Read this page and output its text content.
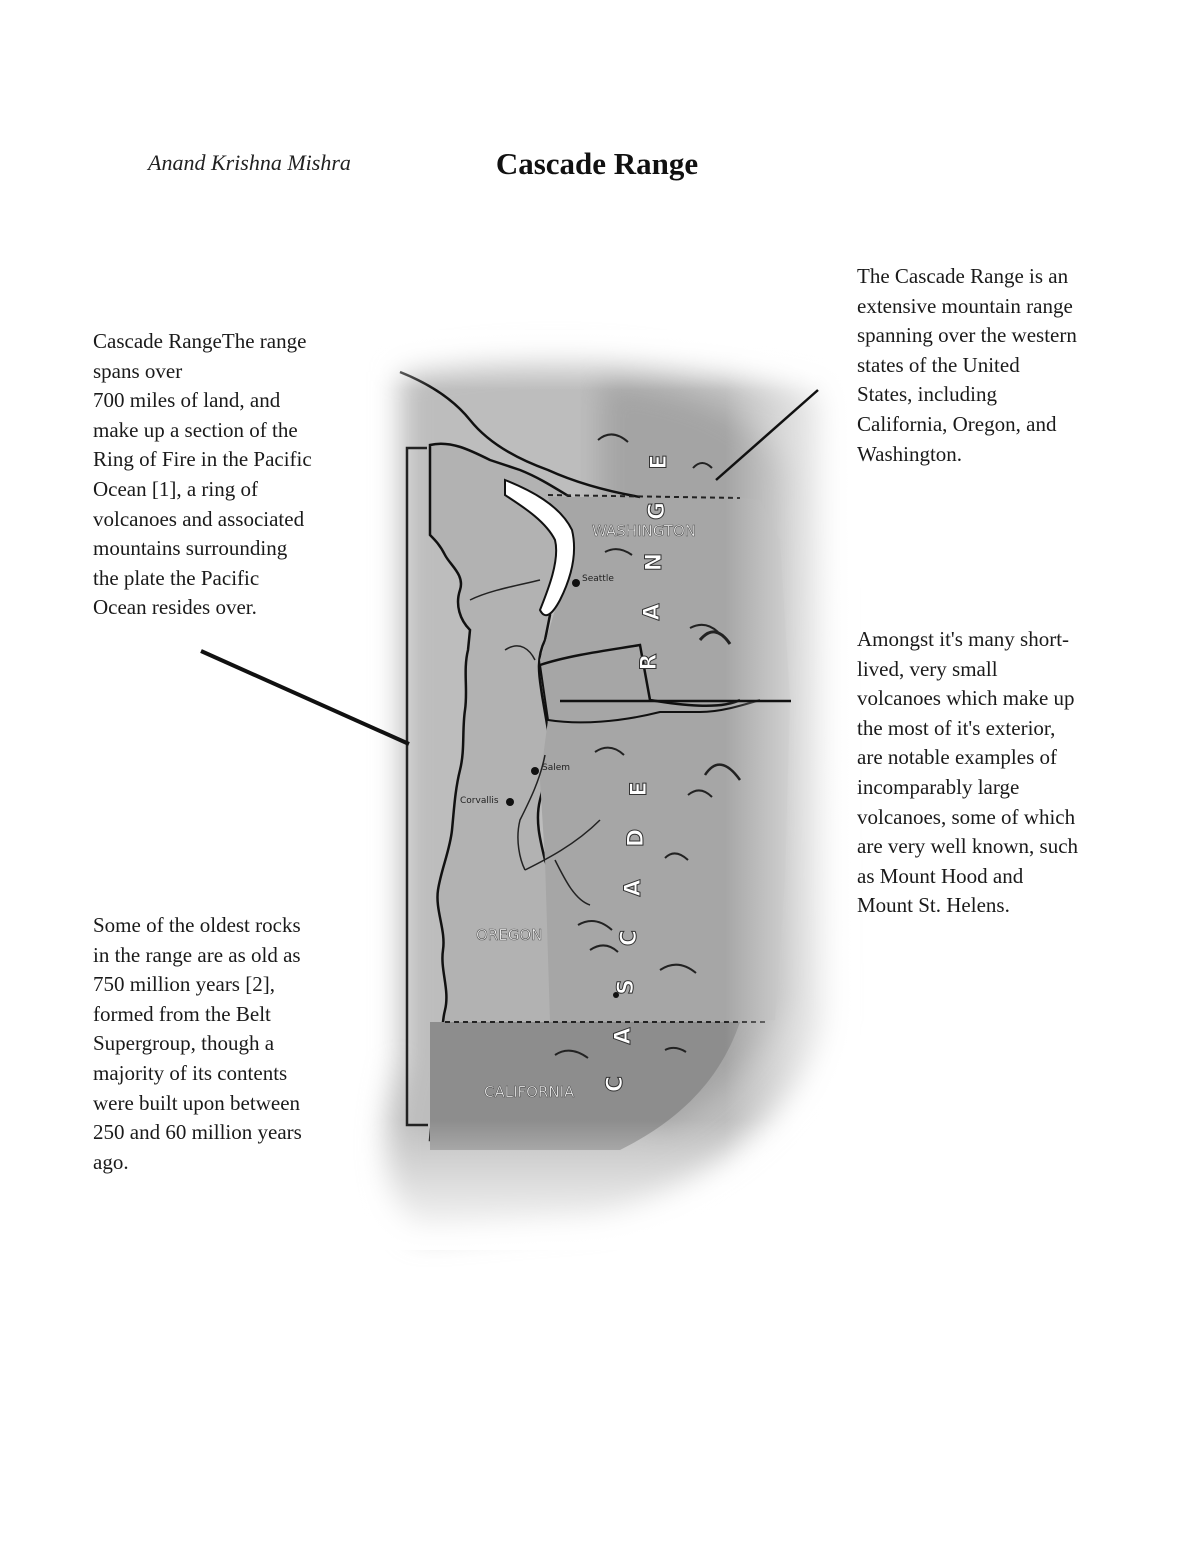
Anand Krishna Mishra	Cascade Range
WASHINGTON
OREGON
CALIFORNIA
Seattle
Salem
Corvallis
C
A
S
C
A
D
E
R
A
N
G
E
Cascade RangeThe range
spans over
700 miles of land, and
make up a section of the
Ring of Fire in the Pacific
Ocean [1], a ring of
volcanoes and associated
mountains surrounding
the plate the Pacific
Ocean resides over.
Some of the oldest rocks
in the range are as old as
750 million years [2],
formed from the Belt
Supergroup, though a
majority of its contents
were built upon between
250 and 60 million years
ago.
The Cascade Range is an
extensive mountain range
spanning over the western
states of the United
States, including
California, Oregon, and
Washington.
Amongst it's many short-
lived, very small
volcanoes which make up
the most of it's exterior,
are notable examples of
incomparably large
volcanoes, some of which
are very well known, such
as Mount Hood and
Mount St. Helens.
